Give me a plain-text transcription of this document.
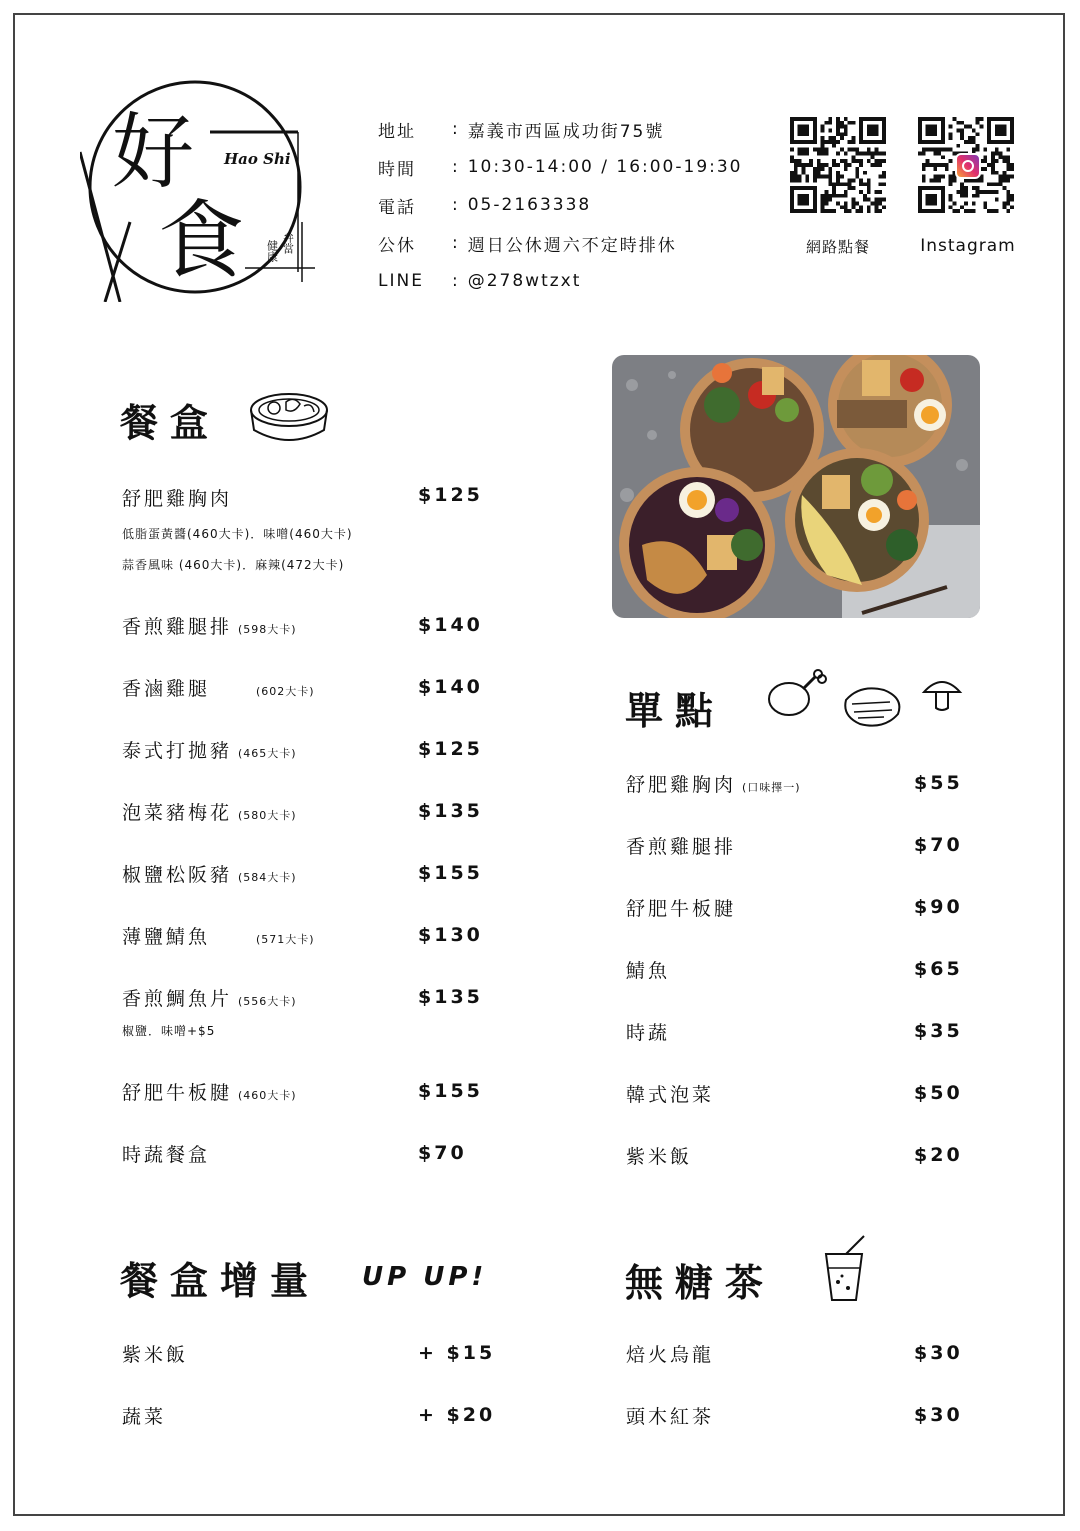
好
食
Hao Shi
健康 弁當
地址	: 嘉義市西區成功街75號
時間	: 10:30-14:00 / 16:00-19:30
電話	: 05-2163338
公休	: 週日公休週六不定時排休
LINE	: @278wtzxt
網路點餐	Instagram
餐盒
舒肥雞胸肉	$125
低脂蛋黃醬(460大卡)．味噌(460大卡)
蒜香風味 (460大卡)．麻辣(472大卡)
香煎雞腿排 (598大卡)	$140
香滷雞腿	(602大卡)	$140
泰式打拋豬 (465大卡)	$125
泡菜豬梅花 (580大卡)	$135
椒鹽松阪豬 (584大卡)	$155
薄鹽鯖魚	(571大卡)	$130
香煎鯛魚片 (556大卡)	$135
椒鹽．味噌+$5
舒肥牛板腱 (460大卡)	$155
時蔬餐盒	$70
單點
舒肥雞胸肉 (口味擇一)	$55
香煎雞腿排	$70
舒肥牛板腱	$90
鯖魚	$65
時蔬	$35
韓式泡菜	$50
紫米飯	$20
餐盒增量 UP UP!
紫米飯	+ $15
蔬菜	+ $20
無糖茶
焙火烏龍	$30
頭木紅茶	$30
